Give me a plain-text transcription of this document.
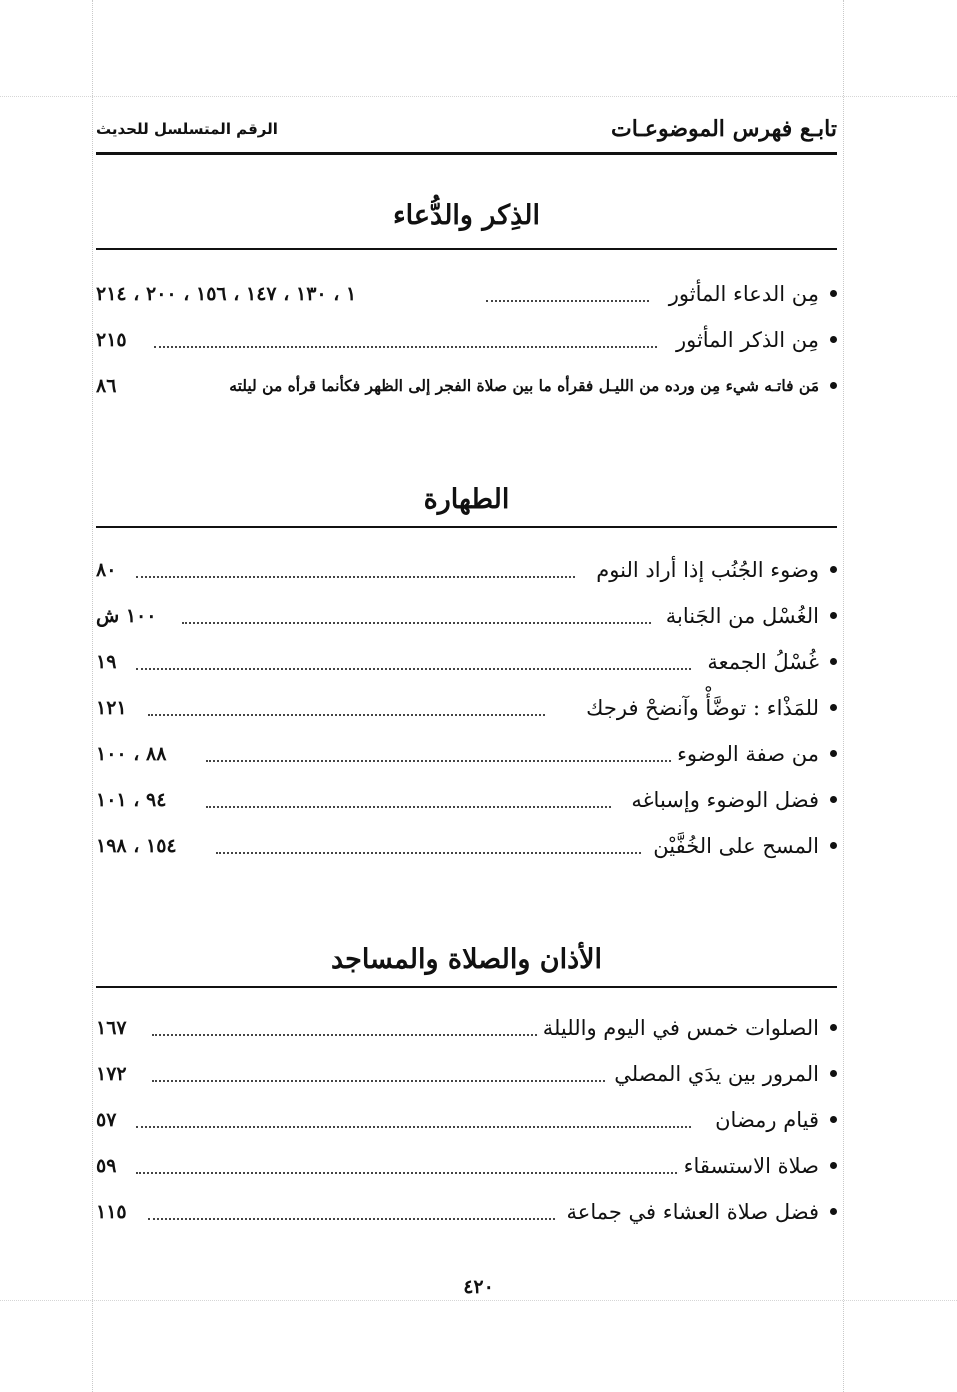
تابـع فهرس الموضوعـات
الرقم المتسلسل للحديث
الذِكر والدُّعاء
مِن الدعاء المأثور
١ ، ١٣٠ ، ١٤٧ ، ١٥٦ ، ٢٠٠ ، ٢١٤
مِن الذكر المأثور
٢١٥
مَن فاتـه شيء مِن ورده من الليـل فقرأه ما بين صلاة الفجر إلى الظهر فكأنما قرأه من ليلته
٨٦
الطهارة
وضوء الجُنُب إذا أراد النوم
٨٠
الغُسْل من الجَنابة
١٠٠ ش
غُسْلُ الجمعة
١٩
للمَذْاء : توضَّأْ وآنضحْ فرجك
١٢١
من صفة الوضوء
٨٨ ، ١٠٠
فضل الوضوء وإسباغه
٩٤ ، ١٠١
المسح على الخُفَّيْن
١٥٤ ، ١٩٨
الأذان والصلاة والمساجد
الصلوات خمس في اليوم والليلة
١٦٧
المرور بين يدَي المصلي
١٧٢
قيام رمضان
٥٧
صلاة الاستسقاء
٥٩
فضل صلاة العشاء في جماعة
١١٥
٤٢٠
